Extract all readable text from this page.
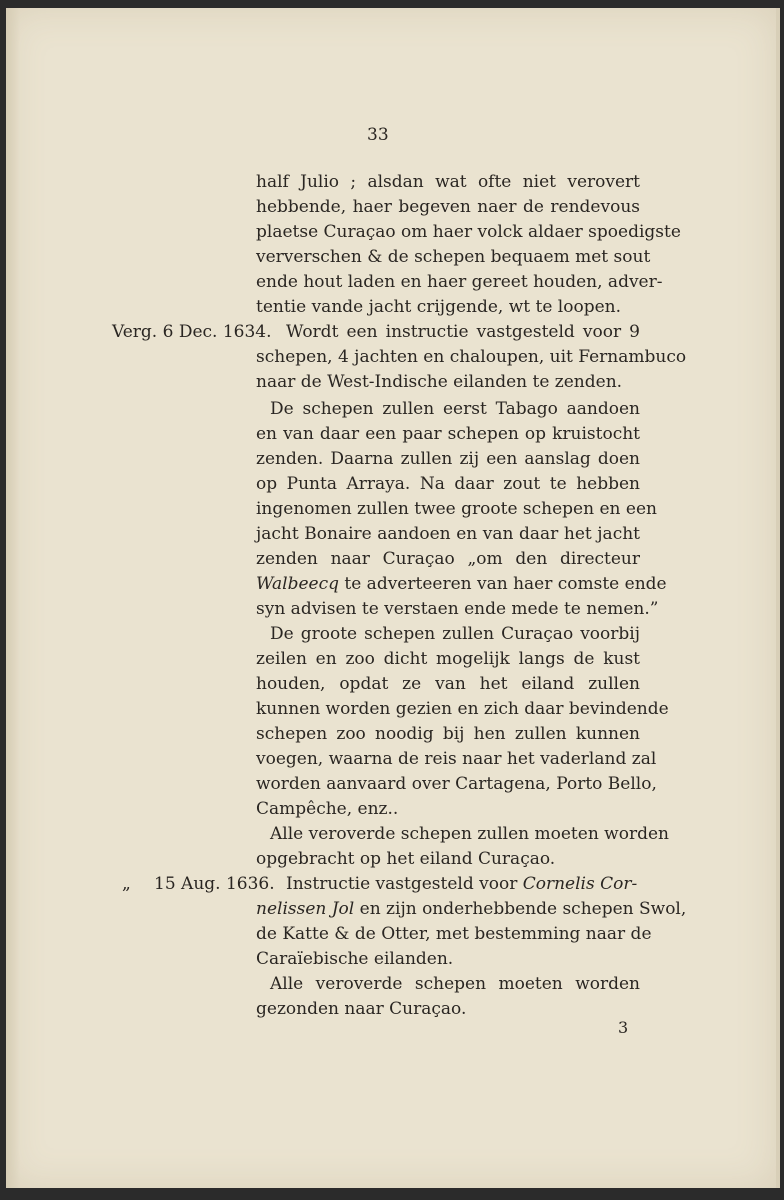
33
half Julio ; alsdan wat ofte niet verovert
hebbende, haer begeven naer de rendevous
plaetse Curaçao om haer volck aldaer spoedigste
ververschen & de schepen bequaem met sout
ende hout laden en haer gereet houden, adver-
tentie vande jacht crijgende, wt te loopen.
Verg. 6 Dec. 1634. Wordt een instructie vastgesteld voor 9
schepen, 4 jachten en chaloupen, uit Fernambuco
naar de West-Indische eilanden te zenden.
De schepen zullen eerst Tabago aandoen
en van daar een paar schepen op kruistocht
zenden. Daarna zullen zij een aanslag doen
op Punta Arraya. Na daar zout te hebben
ingenomen zullen twee groote schepen en een
jacht Bonaire aandoen en van daar het jacht
zenden naar Curaçao „om den directeur
Walbeecq te adverteeren van haer comste ende
syn advisen te verstaen ende mede te nemen.”
De groote schepen zullen Curaçao voorbij
zeilen en zoo dicht mogelijk langs de kust
houden, opdat ze van het eiland zullen
kunnen worden gezien en zich daar bevindende
schepen zoo noodig bij hen zullen kunnen
voegen, waarna de reis naar het vaderland zal
worden aanvaard over Cartagena, Porto Bello,
Campêche, enz..
Alle veroverde schepen zullen moeten worden
opgebracht op het eiland Curaçao.
„ 15 Aug. 1636. Instructie vastgesteld voor Cornelis Cor-
nelissen Jol en zijn onderhebbende schepen Swol,
de Katte & de Otter, met bestemming naar de
Caraïebische eilanden.
Alle veroverde schepen moeten worden
gezonden naar Curaçao.
3
